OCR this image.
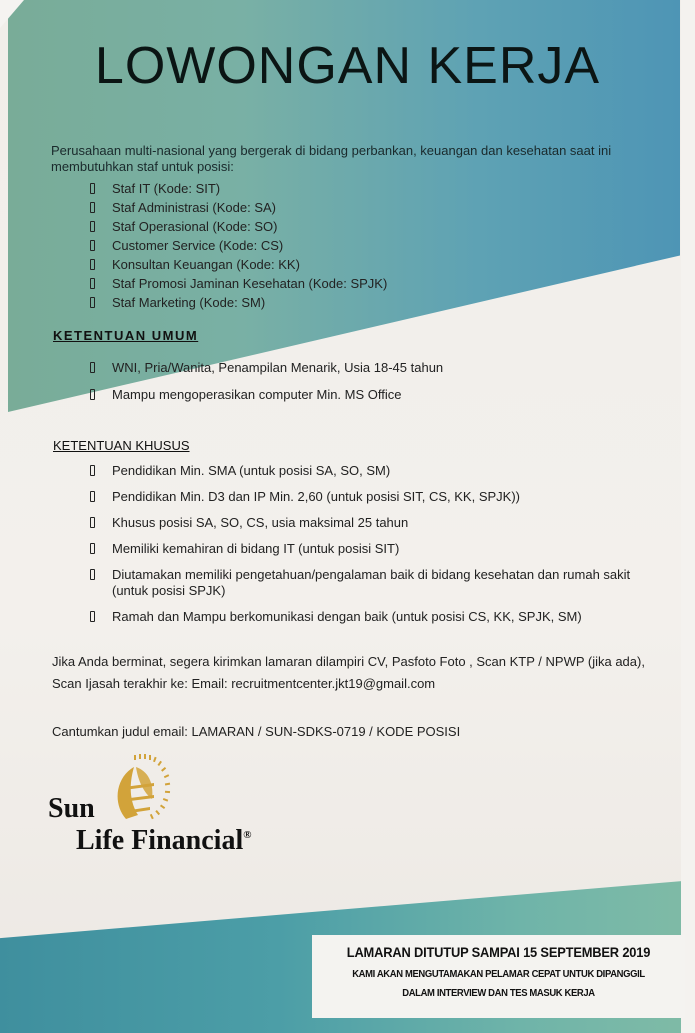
LOWONGAN KERJA
Perusahaan multi-nasional yang bergerak di bidang perbankan, keuangan dan kesehatan saat ini membutuhkan staf untuk posisi:
Staf IT (Kode: SIT)
Staf Administrasi (Kode: SA)
Staf Operasional (Kode: SO)
Customer Service (Kode: CS)
Konsultan Keuangan (Kode: KK)
Staf Promosi Jaminan Kesehatan (Kode: SPJK)
Staf Marketing (Kode: SM)
KETENTUAN UMUM
WNI, Pria/Wanita, Penampilan Menarik, Usia 18-45 tahun
Mampu mengoperasikan computer Min. MS Office
KETENTUAN KHUSUS
Pendidikan Min. SMA (untuk posisi SA, SO, SM)
Pendidikan Min. D3 dan IP Min. 2,60 (untuk posisi SIT, CS, KK, SPJK))
Khusus posisi SA, SO, CS, usia maksimal 25 tahun
Memiliki kemahiran di bidang IT (untuk posisi SIT)
Diutamakan memiliki pengetahuan/pengalaman baik di bidang kesehatan dan rumah sakit (untuk posisi SPJK)
Ramah dan Mampu berkomunikasi dengan baik (untuk posisi CS, KK, SPJK, SM)
Jika Anda berminat, segera kirimkan lamaran dilampiri CV, Pasfoto Foto , Scan KTP / NPWP (jika ada), Scan Ijasah terakhir ke: Email: recruitmentcenter.jkt19@gmail.com
Cantumkan judul email: LAMARAN / SUN-SDKS-0719 / KODE POSISI
Sun
Life Financial®
LAMARAN DITUTUP SAMPAI 15 SEPTEMBER 2019
KAMI AKAN MENGUTAMAKAN PELAMAR CEPAT UNTUK DIPANGGIL
DALAM INTERVIEW DAN TES MASUK KERJA
